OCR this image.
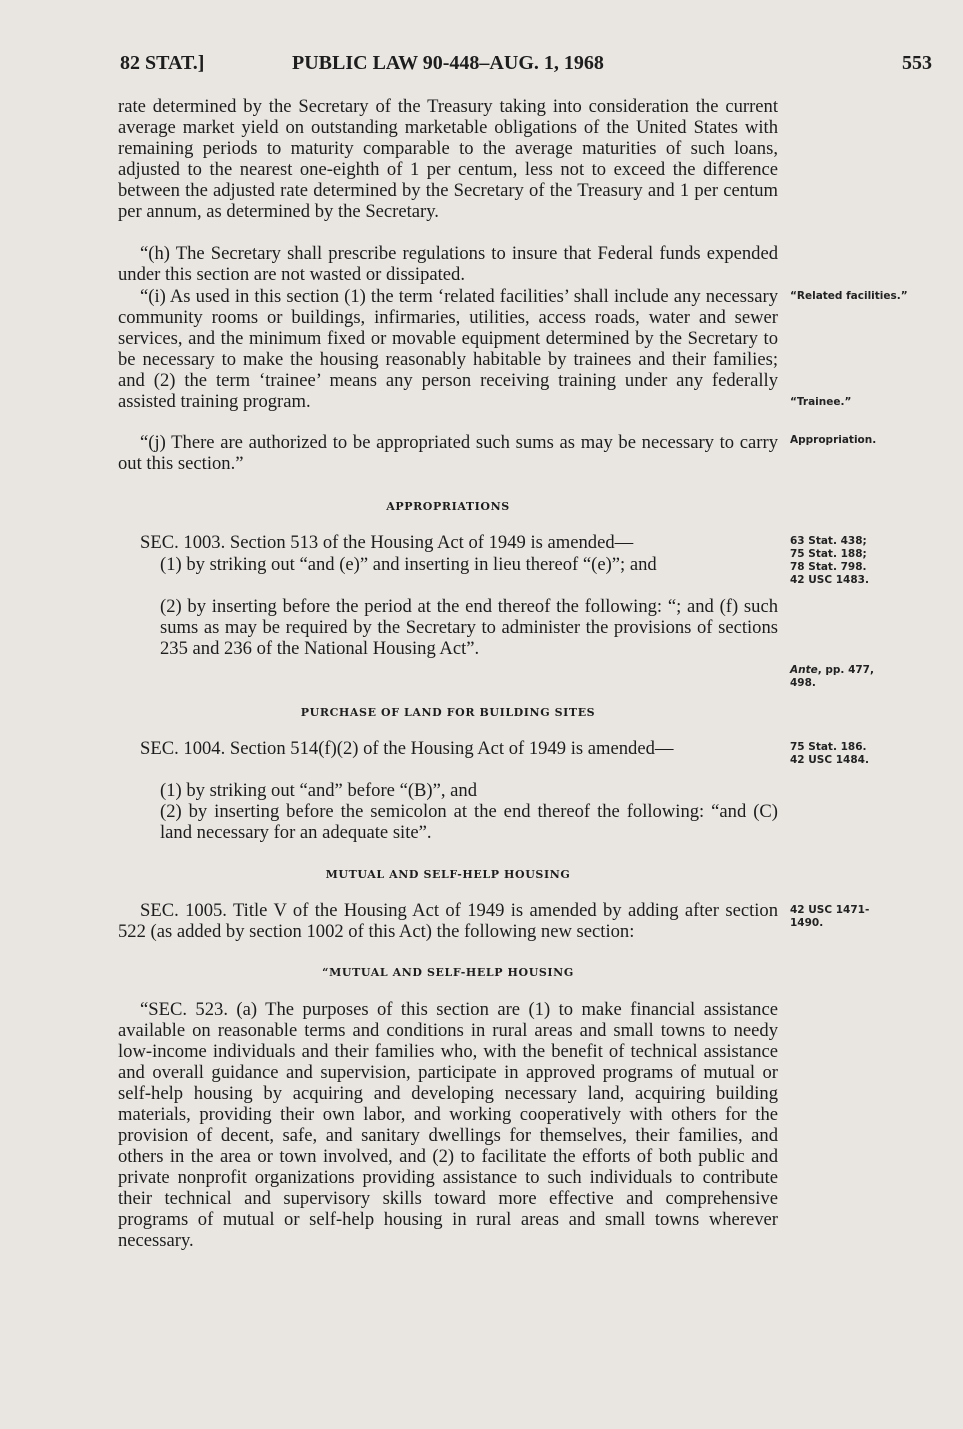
82 STAT.]	PUBLIC LAW 90-448–AUG. 1, 1968	553

rate determined by the Secretary of the Treasury taking into consideration the current average market yield on outstanding marketable obligations of the United States with remaining periods to maturity comparable to the average maturities of such loans, adjusted to the nearest one-eighth of 1 per centum, less not to exceed the difference between the adjusted rate determined by the Secretary of the Treasury and 1 per centum per annum, as determined by the Secretary.

“(h) The Secretary shall prescribe regulations to insure that Federal funds expended under this section are not wasted or dissipated.

“(i) As used in this section (1) the term ‘related facilities’ shall include any necessary community rooms or buildings, infirmaries, utilities, access roads, water and sewer services, and the minimum fixed or movable equipment determined by the Secretary to be necessary to make the housing reasonably habitable by trainees and their families; and (2) the term ‘trainee’ means any person receiving training under any federally assisted training program.

“(j) There are authorized to be appropriated such sums as may be necessary to carry out this section.”

APPROPRIATIONS

SEC. 1003. Section 513 of the Housing Act of 1949 is amended—

(1) by striking out “and (e)” and inserting in lieu thereof “(e)”; and

(2) by inserting before the period at the end thereof the following: “; and (f) such sums as may be required by the Secretary to administer the provisions of sections 235 and 236 of the National Housing Act”.

PURCHASE OF LAND FOR BUILDING SITES

SEC. 1004. Section 514(f)(2) of the Housing Act of 1949 is amended—

(1) by striking out “and” before “(B)”, and

(2) by inserting before the semicolon at the end thereof the following: “and (C) land necessary for an adequate site”.

MUTUAL AND SELF-HELP HOUSING

SEC. 1005. Title V of the Housing Act of 1949 is amended by adding after section 522 (as added by section 1002 of this Act) the following new section:

“MUTUAL AND SELF-HELP HOUSING

“SEC. 523. (a) The purposes of this section are (1) to make financial assistance available on reasonable terms and conditions in rural areas and small towns to needy low-income individuals and their families who, with the benefit of technical assistance and overall guidance and supervision, participate in approved programs of mutual or self-help housing by acquiring and developing necessary land, acquiring building materials, providing their own labor, and working cooperatively with others for the provision of decent, safe, and sanitary dwellings for themselves, their families, and others in the area or town involved, and (2) to facilitate the efforts of both public and private nonprofit organizations providing assistance to such individuals to contribute their technical and supervisory skills toward more effective and comprehensive programs of mutual or self-help housing in rural areas and small towns wherever necessary.

“Related facilities.”
“Trainee.”
Appropriation.
63 Stat. 438;
75 Stat. 188;
78 Stat. 798.
42 USC 1483.
Ante, pp. 477,
498.
75 Stat. 186.
42 USC 1484.
42 USC 1471-
1490.
